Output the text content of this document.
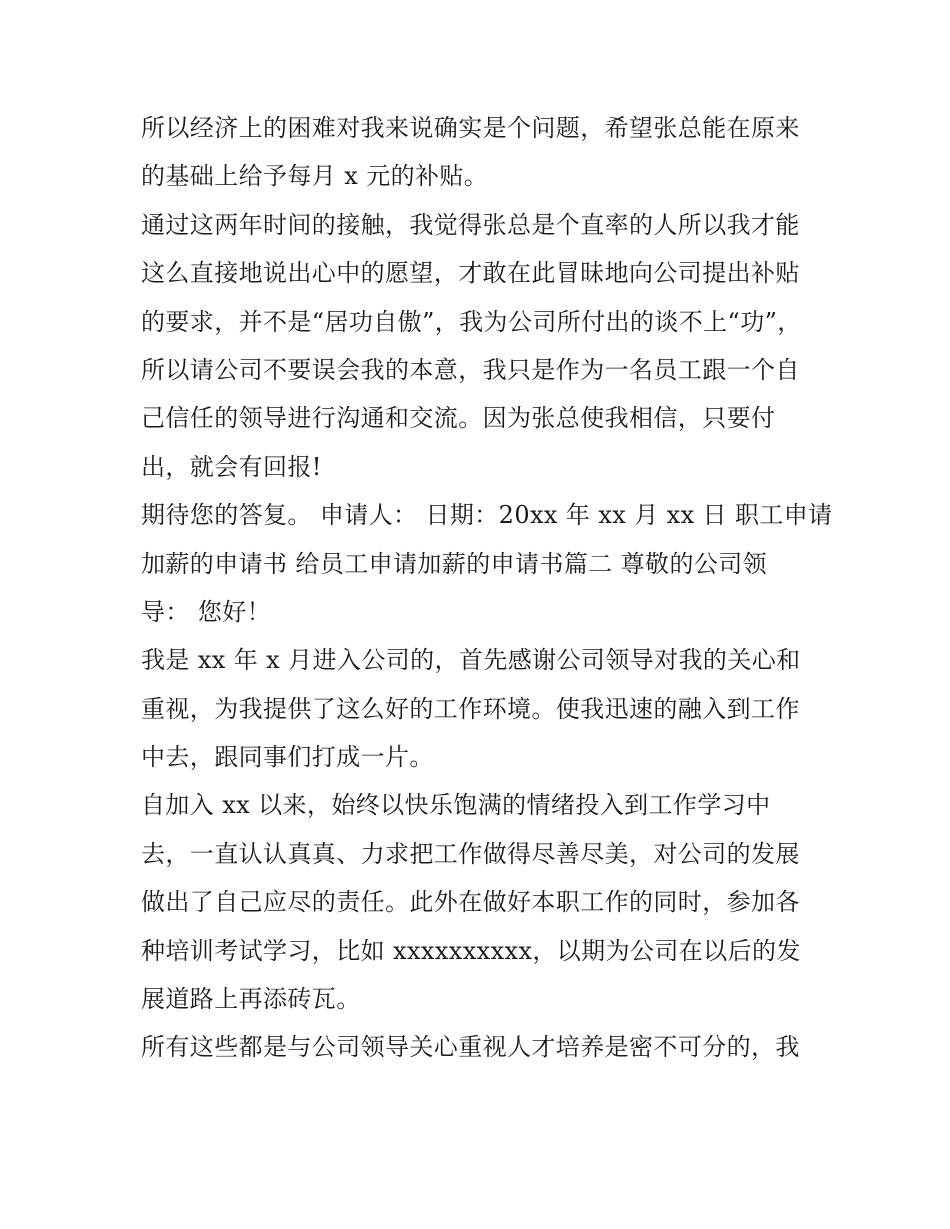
所以经济上的困难对我来说确实是个问题，希望张总能在原来
的基础上给予每月 x 元的补贴。
通过这两年时间的接触，我觉得张总是个直率的人所以我才能
这么直接地说出心中的愿望，才敢在此冒昧地向公司提出补贴
的要求，并不是“居功自傲”，我为公司所付出的谈不上“功”，
所以请公司不要误会我的本意，我只是作为一名员工跟一个自
己信任的领导进行沟通和交流。因为张总使我相信，只要付
出，就会有回报!
期待您的答复。 申请人： 日期：20xx 年 xx 月 xx 日 职工申请
加薪的申请书 给员工申请加薪的申请书篇二 尊敬的公司领
导： 您好！
我是 xx 年 x 月进入公司的，首先感谢公司领导对我的关心和
重视，为我提供了这么好的工作环境。使我迅速的融入到工作
中去，跟同事们打成一片。
自加入 xx 以来，始终以快乐饱满的情绪投入到工作学习中
去，一直认认真真、力求把工作做得尽善尽美，对公司的发展
做出了自己应尽的责任。此外在做好本职工作的同时，参加各
种培训考试学习，比如 xxxxxxxxxx，以期为公司在以后的发
展道路上再添砖瓦。
所有这些都是与公司领导关心重视人才培养是密不可分的，我
